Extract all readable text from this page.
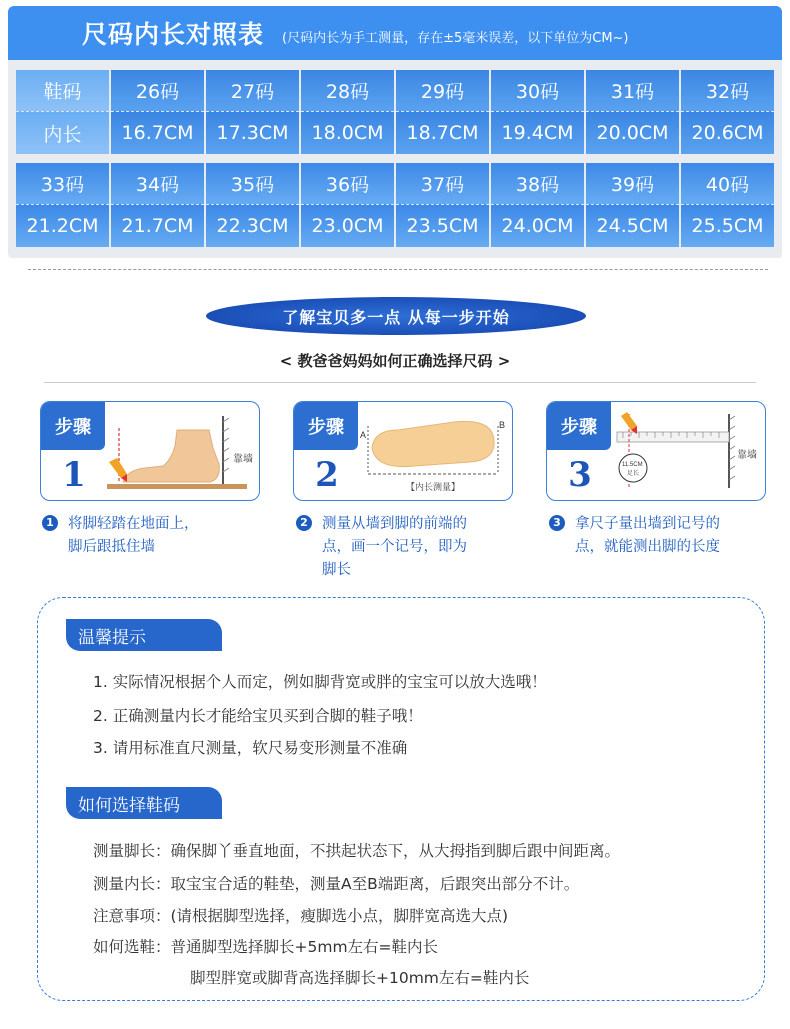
尺码内长对照表 (尺码内长为手工测量，存在±5毫米误差，以下单位为CM~)
鞋码	26码	27码	28码	29码	30码	31码	32码
内长	16.7CM	17.3CM	18.0CM	18.7CM	19.4CM	20.0CM	20.6CM
33码	34码	35码	36码	37码	38码	39码	40码
21.2CM	21.7CM	22.3CM	23.0CM	23.5CM	24.0CM	24.5CM	25.5CM
了解宝贝多一点 从每一步开始
< 教爸爸妈妈如何正确选择尺码 >
步骤
1	靠墙
步骤
2
A
B
【内长测量】
步骤
3	11.5CM
足长
靠墙
1 将脚轻踏在地面上，
脚后跟抵住墙
2 测量从墙到脚的前端的
点，画一个记号，即为
脚长
3 拿尺子量出墙到记号的
点，就能测出脚的长度
温馨提示
1. 实际情况根据个人而定，例如脚背宽或胖的宝宝可以放大选哦！
2. 正确测量内长才能给宝贝买到合脚的鞋子哦！
3. 请用标准直尺测量，软尺易变形测量不准确
如何选择鞋码
测量脚长：确保脚丫垂直地面，不拱起状态下，从大拇指到脚后跟中间距离。
测量内长：取宝宝合适的鞋垫，测量A至B端距离，后跟突出部分不计。
注意事项：(请根据脚型选择，瘦脚选小点，脚胖宽高选大点)
如何选鞋：普通脚型选择脚长+5mm左右=鞋内长
脚型胖宽或脚背高选择脚长+10mm左右=鞋内长
